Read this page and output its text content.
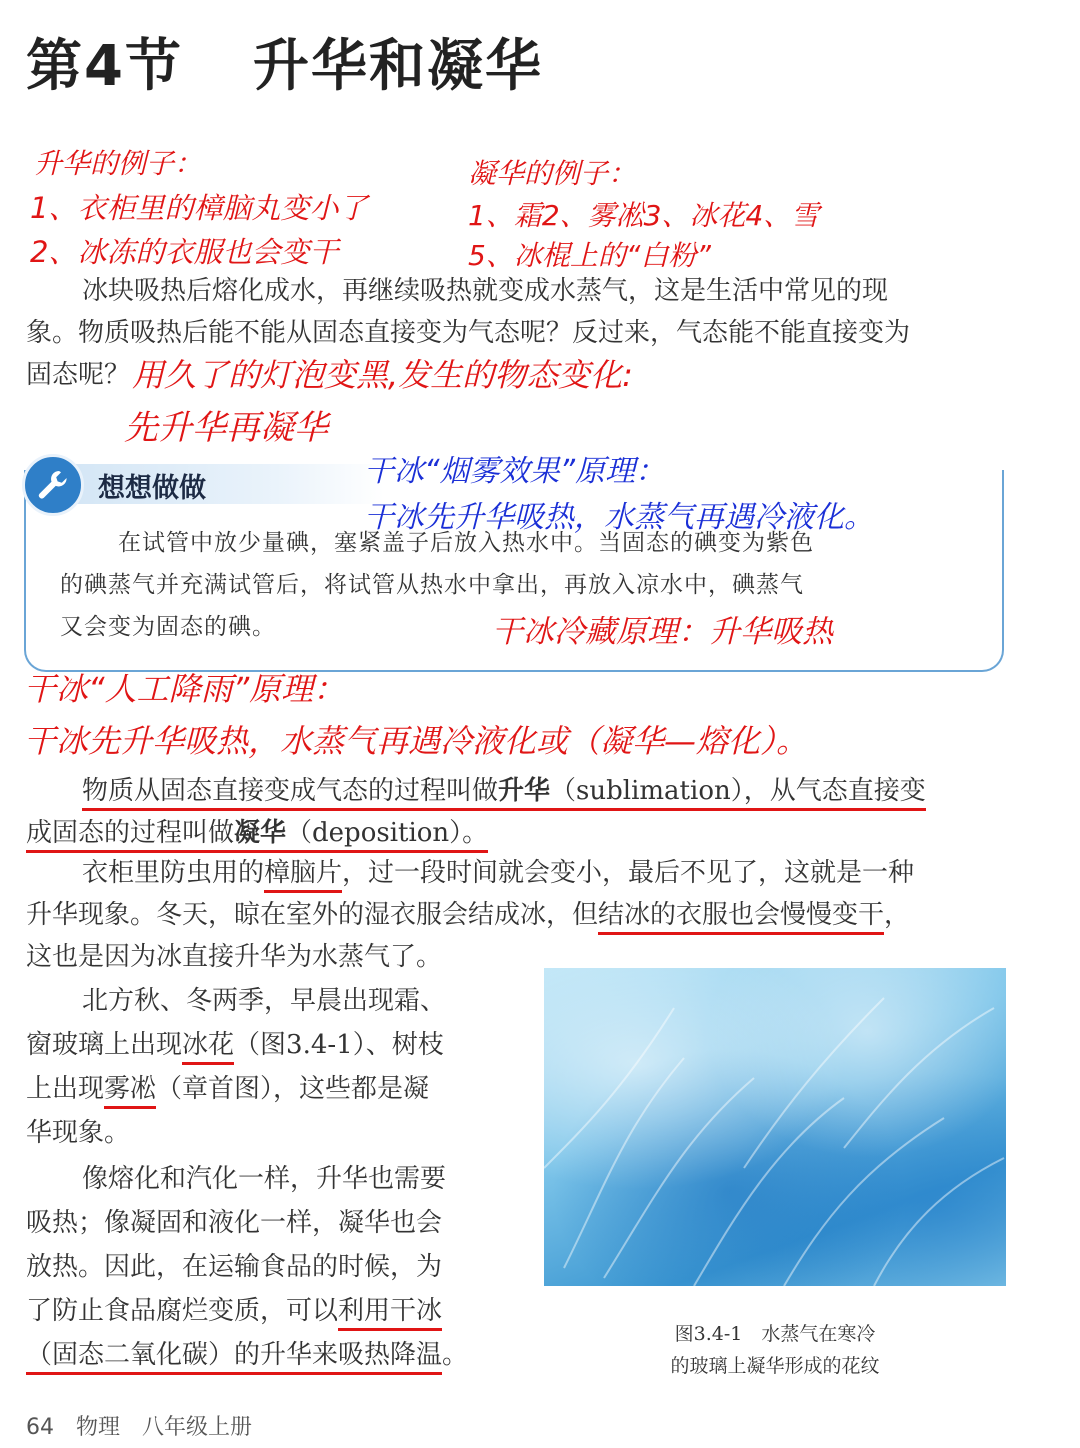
第4节 升华和凝华
升华的例子：
1、衣柜里的樟脑丸变小了
2、冰冻的衣服也会变干
凝华的例子：
1、霜2、雾凇3、冰花4、雪
5、冰棍上的“白粉”
冰块吸热后熔化成水，再继续吸热就变成水蒸气，这是生活中常见的现
象。物质吸热后能不能从固态直接变为气态呢？反过来，气态能不能直接变为
固态呢？ 用久了的灯泡变黑,发生的物态变化:
先升华再凝华
想想做做	干冰“烟雾效果”原理：
干冰先升华吸热，水蒸气再遇冷液化。
在试管中放少量碘，塞紧盖子后放入热水中。当固态的碘变为紫色
的碘蒸气并充满试管后，将试管从热水中拿出，再放入凉水中，碘蒸气
又会变为固态的碘。	干冰冷藏原理：升华吸热
干冰“人工降雨”原理：
干冰先升华吸热，水蒸气再遇冷液化或（凝华—熔化）。
物质从固态直接变成气态的过程叫做升华（sublimation），从气态直接变
成固态的过程叫做凝华（deposition）。
衣柜里防虫用的樟脑片，过一段时间就会变小，最后不见了，这就是一种
升华现象。冬天，晾在室外的湿衣服会结成冰，但结冰的衣服也会慢慢变干，
这也是因为冰直接升华为水蒸气了。
北方秋、冬两季，早晨出现霜、
窗玻璃上出现冰花（图3.4-1）、树枝
上出现雾凇（章首图），这些都是凝
华现象。
像熔化和汽化一样，升华也需要
吸热；像凝固和液化一样，凝华也会
放热。因此，在运输食品的时候，为
了防止食品腐烂变质，可以利用干冰
（固态二氧化碳）的升华来吸热降温。
图3.4-1　水蒸气在寒冷
的玻璃上凝华形成的花纹
64 物理 八年级上册
